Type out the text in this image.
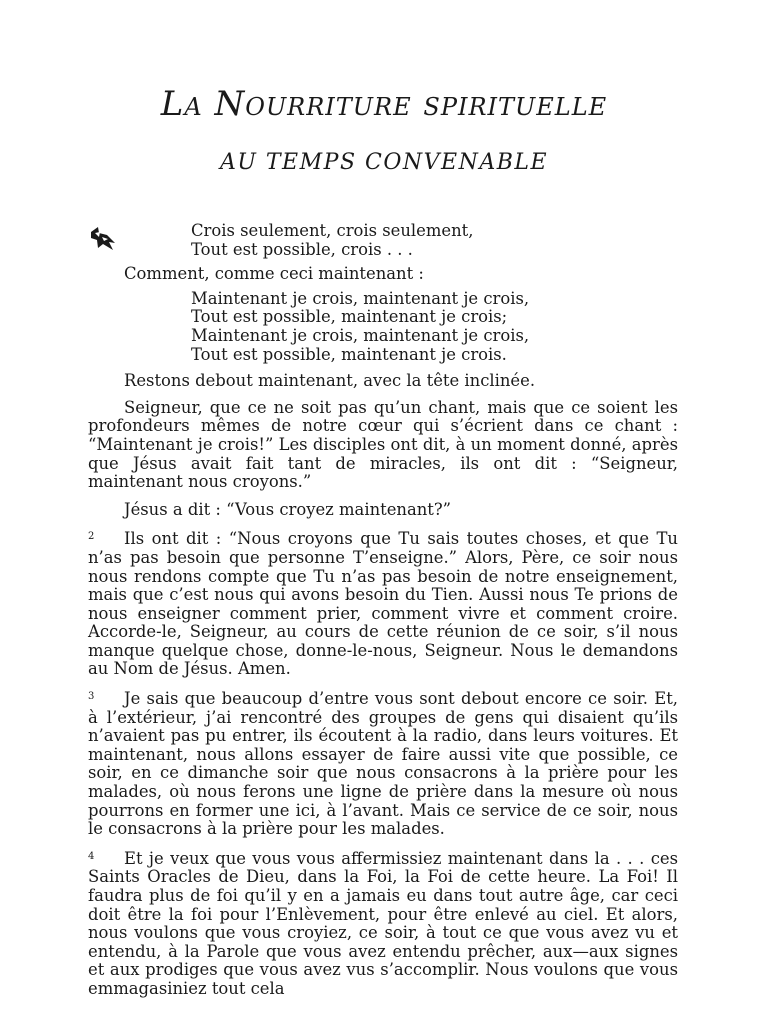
La Nourriture spirituelle
AU TEMPS CONVENABLE

Crois seulement, crois seulement,

Tout est possible, crois . . .

Comment, comme ceci maintenant :

Maintenant je crois, maintenant je crois,

Tout est possible, maintenant je crois;

Maintenant je crois, maintenant je crois,

Tout est possible, maintenant je crois.

Restons debout maintenant, avec la tête inclinée.

Seigneur, que ce ne soit pas qu’un chant, mais que ce soient les profondeurs mêmes de notre cœur qui s’écrient dans ce chant : “Maintenant je crois!” Les disciples ont dit, à un moment donné, après que Jésus avait fait tant de miracles, ils ont dit : “Seigneur, maintenant nous croyons.”

Jésus a dit : “Vous croyez maintenant?”

2 Ils ont dit : “Nous croyons que Tu sais toutes choses, et que Tu n’as pas besoin que personne T’enseigne.” Alors, Père, ce soir nous nous rendons compte que Tu n’as pas besoin de notre enseignement, mais que c’est nous qui avons besoin du Tien. Aussi nous Te prions de nous enseigner comment prier, comment vivre et comment croire. Accorde-le, Seigneur, au cours de cette réunion de ce soir, s’il nous manque quelque chose, donne-le-nous, Seigneur. Nous le demandons au Nom de Jésus. Amen.

3 Je sais que beaucoup d’entre vous sont debout encore ce soir. Et, à l’extérieur, j’ai rencontré des groupes de gens qui disaient qu’ils n’avaient pas pu entrer, ils écoutent à la radio, dans leurs voitures. Et maintenant, nous allons essayer de faire aussi vite que possible, ce soir, en ce dimanche soir que nous consacrons à la prière pour les malades, où nous ferons une ligne de prière dans la mesure où nous pourrons en former une ici, à l’avant. Mais ce service de ce soir, nous le consacrons à la prière pour les malades.

4 Et je veux que vous vous affermissiez maintenant dans la . . . ces Saints Oracles de Dieu, dans la Foi, la Foi de cette heure. La Foi! Il faudra plus de foi qu’il y en a jamais eu dans tout autre âge, car ceci doit être la foi pour l’Enlèvement, pour être enlevé au ciel. Et alors, nous voulons que vous croyiez, ce soir, à tout ce que vous avez vu et entendu, à la Parole que vous avez entendu prêcher, aux—aux signes et aux prodiges que vous avez vus s’accomplir. Nous voulons que vous emmagasiniez tout cela
